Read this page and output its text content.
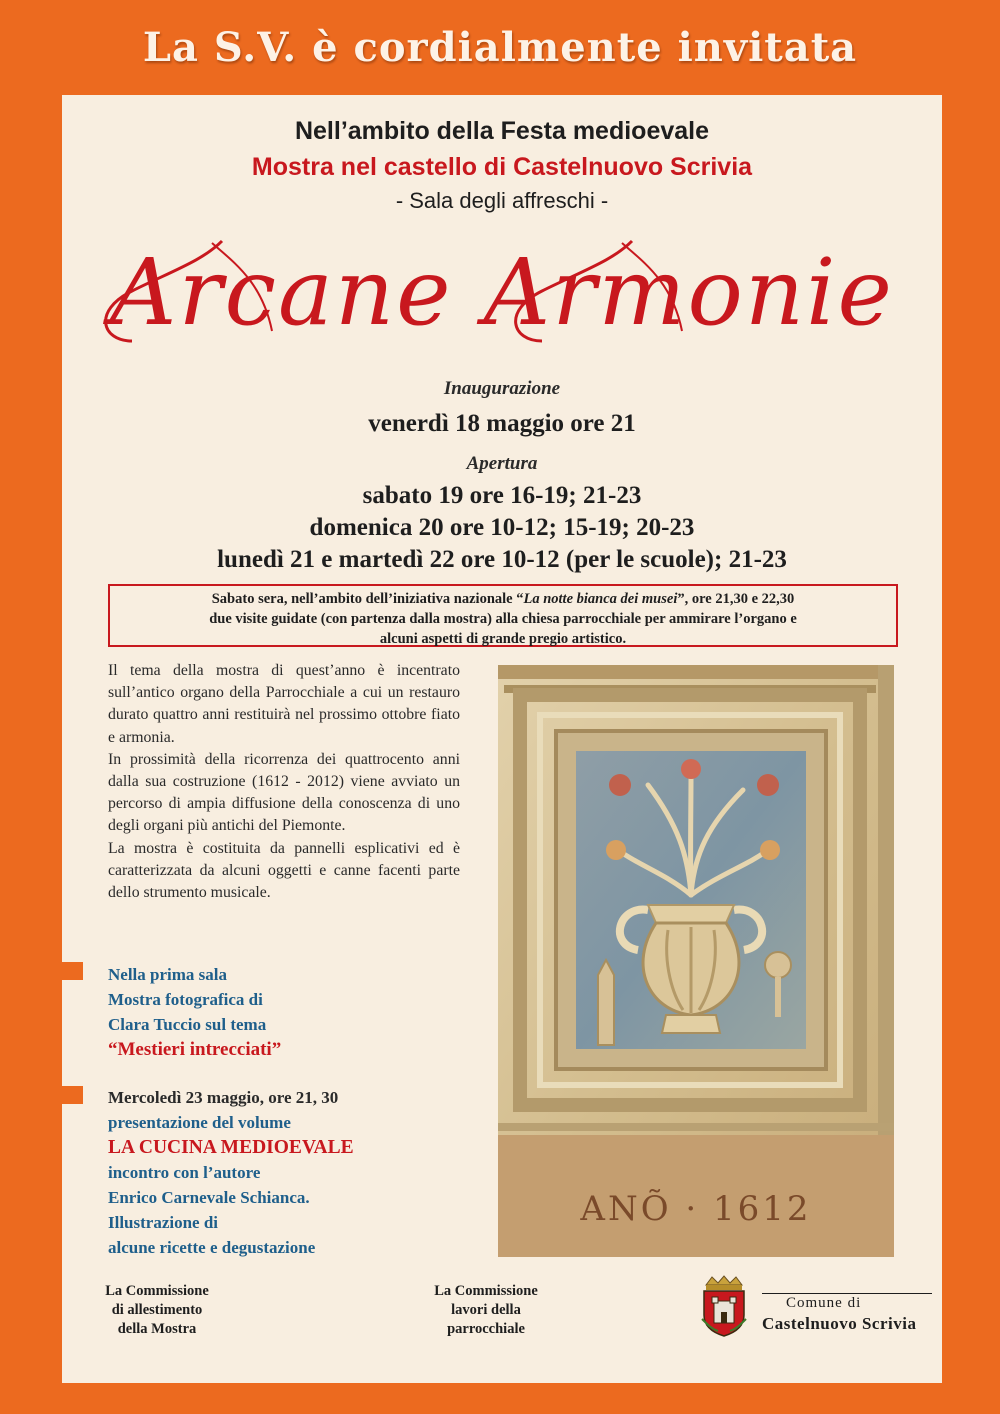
La S.V. è cordialmente invitata
Nell’ambito della Festa medioevale
Mostra nel castello di Castelnuovo Scrivia
- Sala degli affreschi -
Arcane Armonie
Inaugurazione
venerdì 18 maggio ore 21
Apertura
sabato 19 ore 16-19; 21-23
domenica 20 ore 10-12; 15-19; 20-23
lunedì 21 e martedì 22 ore 10-12 (per le scuole); 21-23
Sabato sera, nell’ambito dell’iniziativa nazionale “La notte bianca dei musei”, ore 21,30 e 22,30
due visite guidate (con partenza dalla mostra) alla chiesa parrocchiale per ammirare l’organo e
alcuni aspetti di grande pregio artistico.

Il tema della mostra di quest’anno è incentrato sull’antico organo della Parrocchiale a cui un restauro durato quattro anni restituirà nel prossimo ottobre fiato e armonia.

In prossimità della ricorrenza dei quattrocento anni dalla sua costruzione (1612 - 2012) viene avviato un percorso di ampia diffusione della conoscenza di uno degli organi più antichi del Piemonte.

La mostra è costituita da pannelli esplicativi ed è caratterizzata da alcuni oggetti e canne facenti parte dello strumento musicale.

Nella prima sala
Mostra fotografica di
Clara Tuccio sul tema
“Mestieri intrecciati”
Mercoledì 23 maggio, ore 21, 30
presentazione del volume
LA CUCINA MEDIOEVALE
incontro con l’autore
Enrico Carnevale Schianca.
Illustrazione di
alcune ricette e degustazione
ANÕ · 1612
La Commissione
di allestimento
della Mostra
La Commissione
lavori della
parrocchiale
Comune di
Castelnuovo Scrivia
